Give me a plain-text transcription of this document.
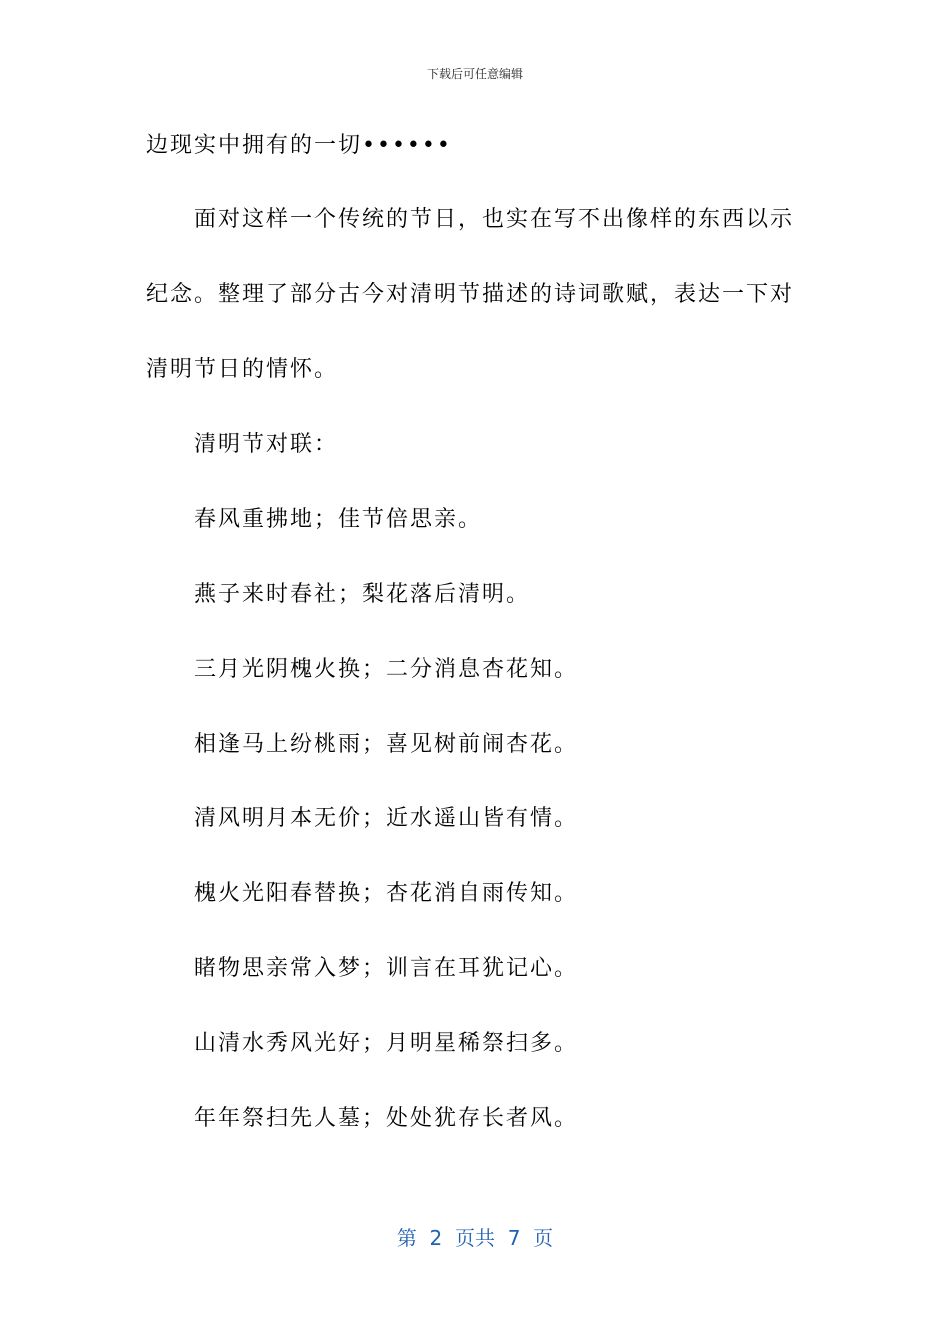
下载后可任意编辑
边现实中拥有的一切••••••
面对这样一个传统的节日，也实在写不出像样的东西以示
纪念。整理了部分古今对清明节描述的诗词歌赋，表达一下对
清明节日的情怀。
清明节对联：
春风重拂地；佳节倍思亲。
燕子来时春社；梨花落后清明。
三月光阴槐火换；二分消息杏花知。
相逢马上纷桃雨；喜见树前闹杏花。
清风明月本无价；近水遥山皆有情。
槐火光阳春替换；杏花消自雨传知。
睹物思亲常入梦；训言在耳犹记心。
山清水秀风光好；月明星稀祭扫多。
年年祭扫先人墓；处处犹存长者风。
第  2  页共  7  页
